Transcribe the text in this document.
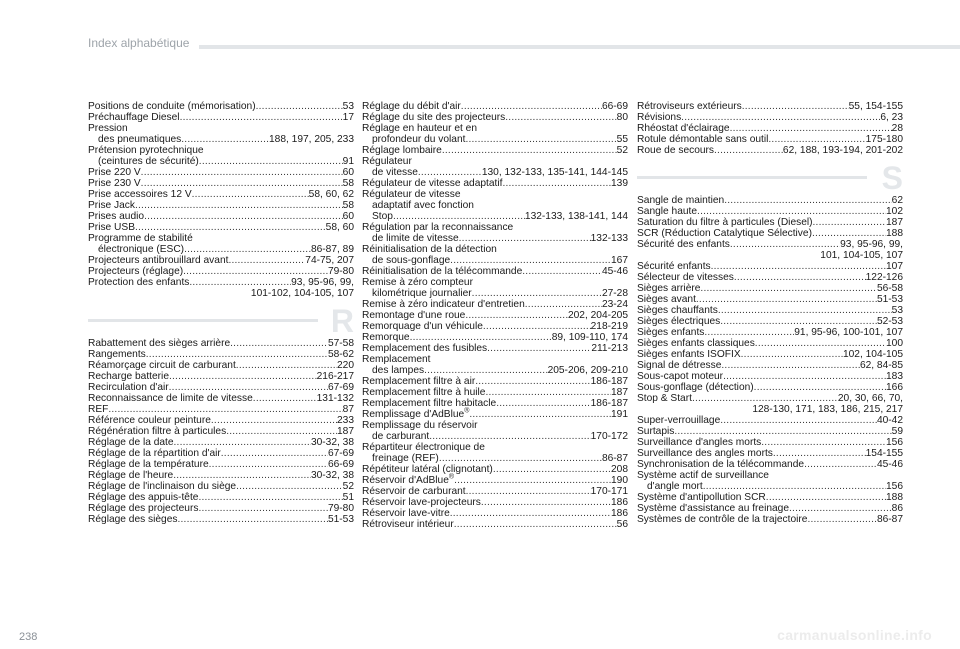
Index alphabétique
Positions de conduite (mémorisation) .....	53
Préchauffage Diesel .....	17
Pression
des pneumatiques .....	188, 197, 205, 233
Prétension pyrotechnique
(ceintures de sécurité) .....	91
Prise 220 V .....	60
Prise 230 V .....	58
Prise accessoires 12 V .....	58, 60, 62
Prise Jack .....	58
Prises audio .....	60
Prise USB .....	58, 60
Programme de stabilité
électronique (ESC) .....	86-87, 89
Projecteurs antibrouillard avant .....	74-75, 207
Projecteurs (réglage) .....	79-80
Protection des enfants .....	93, 95-96, 99,
101-102, 104-105, 107
R
Rabattement des sièges arrière .....	57-58
Rangements .....	58-62
Réamorçage circuit de carburant .....	220
Recharge batterie .....	216-217
Recirculation d'air .....	67-69
Reconnaissance de limite de vitesse .....	131-132
REF .....	87
Référence couleur peinture .....	233
Régénération filtre à particules .....	187
Réglage de la date .....	30-32, 38
Réglage de la répartition d'air .....	67-69
Réglage de la température .....	66-69
Réglage de l'heure .....	30-32, 38
Réglage de l'inclinaison du siège .....	52
Réglage des appuis-tête .....	51
Réglage des projecteurs .....	79-80
Réglage des sièges .....	51-53
Réglage du débit d'air .....	66-69
Réglage du site des projecteurs .....	80
Réglage en hauteur et en
profondeur du volant .....	55
Réglage lombaire .....	52
Régulateur
de vitesse .....	130, 132-133, 135-141, 144-145
Régulateur de vitesse adaptatif .....	139
Régulateur de vitesse
adaptatif avec fonction
Stop .....	132-133, 138-141, 144
Régulation par la reconnaissance
de limite de vitesse .....	132-133
Réinitialisation de la détection
de sous-gonflage .....	167
Réinitialisation de la télécommande .....	45-46
Remise à zéro compteur
kilométrique journalier .....	27-28
Remise à zéro indicateur d'entretien .....	23-24
Remontage d'une roue .....	202, 204-205
Remorquage d'un véhicule .....	218-219
Remorque .....	89, 109-110, 174
Remplacement des fusibles .....	211-213
Remplacement
des lampes .....	205-206, 209-210
Remplacement filtre à air .....	186-187
Remplacement filtre à huile .....	187
Remplacement filtre habitacle .....	186-187
Remplissage d'AdBlue® .....	191
Remplissage du réservoir
de carburant .....	170-172
Répartiteur électronique de
freinage (REF) .....	86-87
Répétiteur latéral (clignotant) .....	208
Réservoir d'AdBlue® .....	190
Réservoir de carburant .....	170-171
Réservoir lave-projecteurs .....	186
Réservoir lave-vitre .....	186
Rétroviseur intérieur .....	56
Rétroviseurs extérieurs .....	55, 154-155
Révisions .....	6, 23
Rhéostat d'éclairage .....	28
Rotule démontable sans outil .....	175-180
Roue de secours .....	62, 188, 193-194, 201-202
S
Sangle de maintien .....	62
Sangle haute .....	102
Saturation du filtre à particules (Diesel) .....	187
SCR (Réduction Catalytique Sélective) .....	188
Sécurité des enfants .....	93, 95-96, 99,
101, 104-105, 107
Sécurité enfants .....	107
Sélecteur de vitesses .....	122-126
Sièges arrière .....	56-58
Sièges avant .....	51-53
Sièges chauffants .....	53
Sièges électriques .....	52-53
Sièges enfants .....	91, 95-96, 100-101, 107
Sièges enfants classiques .....	100
Sièges enfants ISOFIX .....	102, 104-105
Signal de détresse .....	62, 84-85
Sous-capot moteur .....	183
Sous-gonflage (détection) .....	166
Stop & Start .....	20, 30, 66, 70,
128-130, 171, 183, 186, 215, 217
Super-verrouillage .....	40-42
Surtapis .....	59
Surveillance d'angles morts .....	156
Surveillance des angles morts .....	154-155
Synchronisation de la télécommande .....	45-46
Système actif de surveillance
d'angle mort .....	156
Système d'antipollution SCR .....	188
Système d'assistance au freinage .....	86
Systèmes de contrôle de la trajectoire .....	86-87
238	carmanualsonline.info
